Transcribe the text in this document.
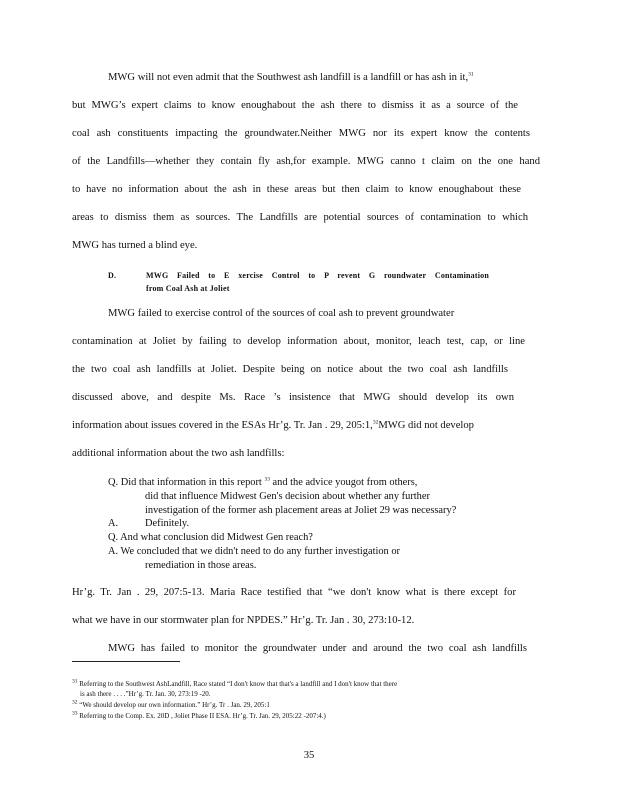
MWG will not even admit that the Southwest ash landfill is a landfill or has ash in it,$^{31}$
but MWG’s expert claims to know enoughabout the ash there to dismiss it as a source of the
coal ash constituents impacting the groundwater.Neither MWG nor its expert know the contents
of the Landfills—whether they contain fly ash,for example. MWG canno t claim on the one hand
to have no information about the ash in these areas but then claim to know enoughabout these
areas to dismiss them as sources. The Landfills are potential sources of contamination to which
MWG has turned a blind eye.
D.	MWG Failed to E xercise Control to P revent G roundwater Contamination
from Coal Ash at Joliet
MWG failed to exercise control of the sources of coal ash to prevent groundwater
contamination at Joliet by failing to develop information about, monitor, leach test, cap, or line
the two coal ash landfills at Joliet. Despite being on notice about the two coal ash landfills
discussed above, and despite Ms. Race ’s insistence that MWG should develop its own
information about issues covered in the ESAs Hr’g. Tr. Jan . 29, 205:1,32MWG did not develop
additional information about the two ash landfills:
Q. Did that information in this report $^{33}$ and the advice yougot from others,
did that influence Midwest Gen's decision about whether any further
investigation of the former ash placement areas at Joliet 29 was necessary?
A.	Definitely.
Q. And what conclusion did Midwest Gen reach?
A. We concluded that we didn't need to do any further investigation or
remediation in those areas.
Hr’g. Tr. Jan . 29, 207:5-13. Maria Race testified that “we don't know what is there except for
what we have in our stormwater plan for NPDES.” Hr’g. Tr. Jan . 30, 273:10-12.
MWG has failed to monitor the groundwater under and around the two coal ash landfills
$^{31}$ Referring to the Southwest AshLandfill, Race stated “I don't know that that's a landfill and I don't know that there
is ash there . . . .”Hr’g. Tr. Jan. 30, 273:19 -20.
$^{32}$ “We should develop our own information.” Hr’g. Tr . Jan. 29, 205:1
$^{33}$ Referring to the Comp. Ex. 20D , Joliet Phase II ESA. Hr’g. Tr. Jan. 29, 205:22 -207:4.)
35
